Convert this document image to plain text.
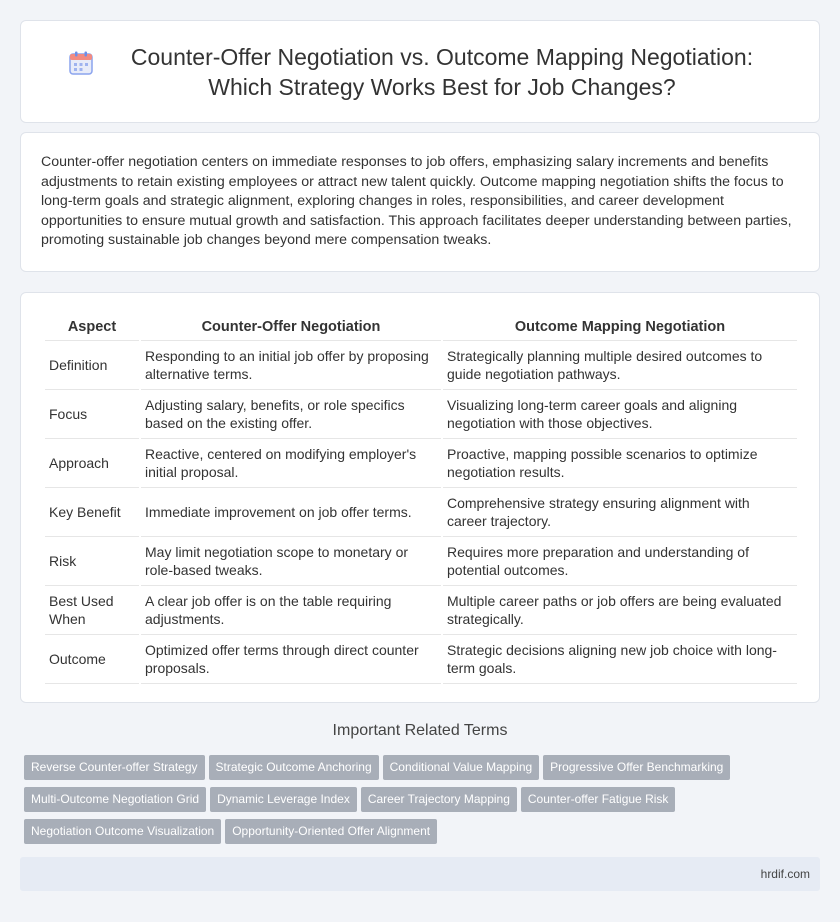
Counter-Offer Negotiation vs. Outcome Mapping Negotiation: Which Strategy Works Best for Job Changes?

Counter-offer negotiation centers on immediate responses to job offers, emphasizing salary increments and benefits adjustments to retain existing employees or attract new talent quickly. Outcome mapping negotiation shifts the focus to long-term goals and strategic alignment, exploring changes in roles, responsibilities, and career development opportunities to ensure mutual growth and satisfaction. This approach facilitates deeper understanding between parties, promoting sustainable job changes beyond mere compensation tweaks.

Aspect	Counter-Offer Negotiation	Outcome Mapping Negotiation
Definition	Responding to an initial job offer by proposing alternative terms.	Strategically planning multiple desired outcomes to guide negotiation pathways.
Focus	Adjusting salary, benefits, or role specifics based on the existing offer.	Visualizing long-term career goals and aligning negotiation with those objectives.
Approach	Reactive, centered on modifying employer's initial proposal.	Proactive, mapping possible scenarios to optimize negotiation results.
Key Benefit	Immediate improvement on job offer terms.	Comprehensive strategy ensuring alignment with career trajectory.
Risk	May limit negotiation scope to monetary or role-based tweaks.	Requires more preparation and understanding of potential outcomes.
Best Used When	A clear job offer is on the table requiring adjustments.	Multiple career paths or job offers are being evaluated strategically.
Outcome	Optimized offer terms through direct counter proposals.	Strategic decisions aligning new job choice with long-term goals.
Important Related Terms
Reverse Counter-offer Strategy Strategic Outcome Anchoring Conditional Value Mapping Progressive Offer Benchmarking
Multi-Outcome Negotiation Grid Dynamic Leverage Index Career Trajectory Mapping Counter-offer Fatigue Risk
Negotiation Outcome Visualization Opportunity-Oriented Offer Alignment
hrdif.com
